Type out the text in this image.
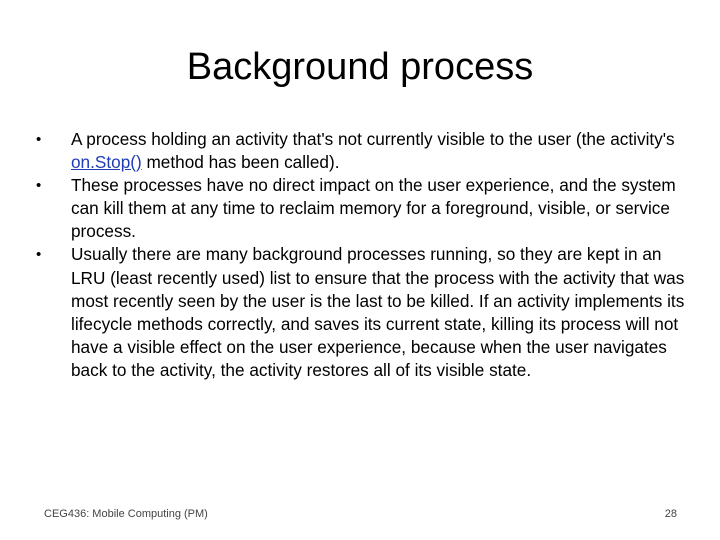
Background process
•	A process holding an activity that's not currently visible to the user (the activity's on.Stop() method has been called).
•	These processes have no direct impact on the user experience, and the system can kill them at any time to reclaim memory for a foreground, visible, or service process.
•	Usually there are many background processes running, so they are kept in an LRU (least recently used) list to ensure that the process with the activity that was most recently seen by the user is the last to be killed. If an activity implements its lifecycle methods correctly, and saves its current state, killing its process will not have a visible effect on the user experience, because when the user navigates back to the activity, the activity restores all of its visible state.
CEG436: Mobile Computing (PM)	28
